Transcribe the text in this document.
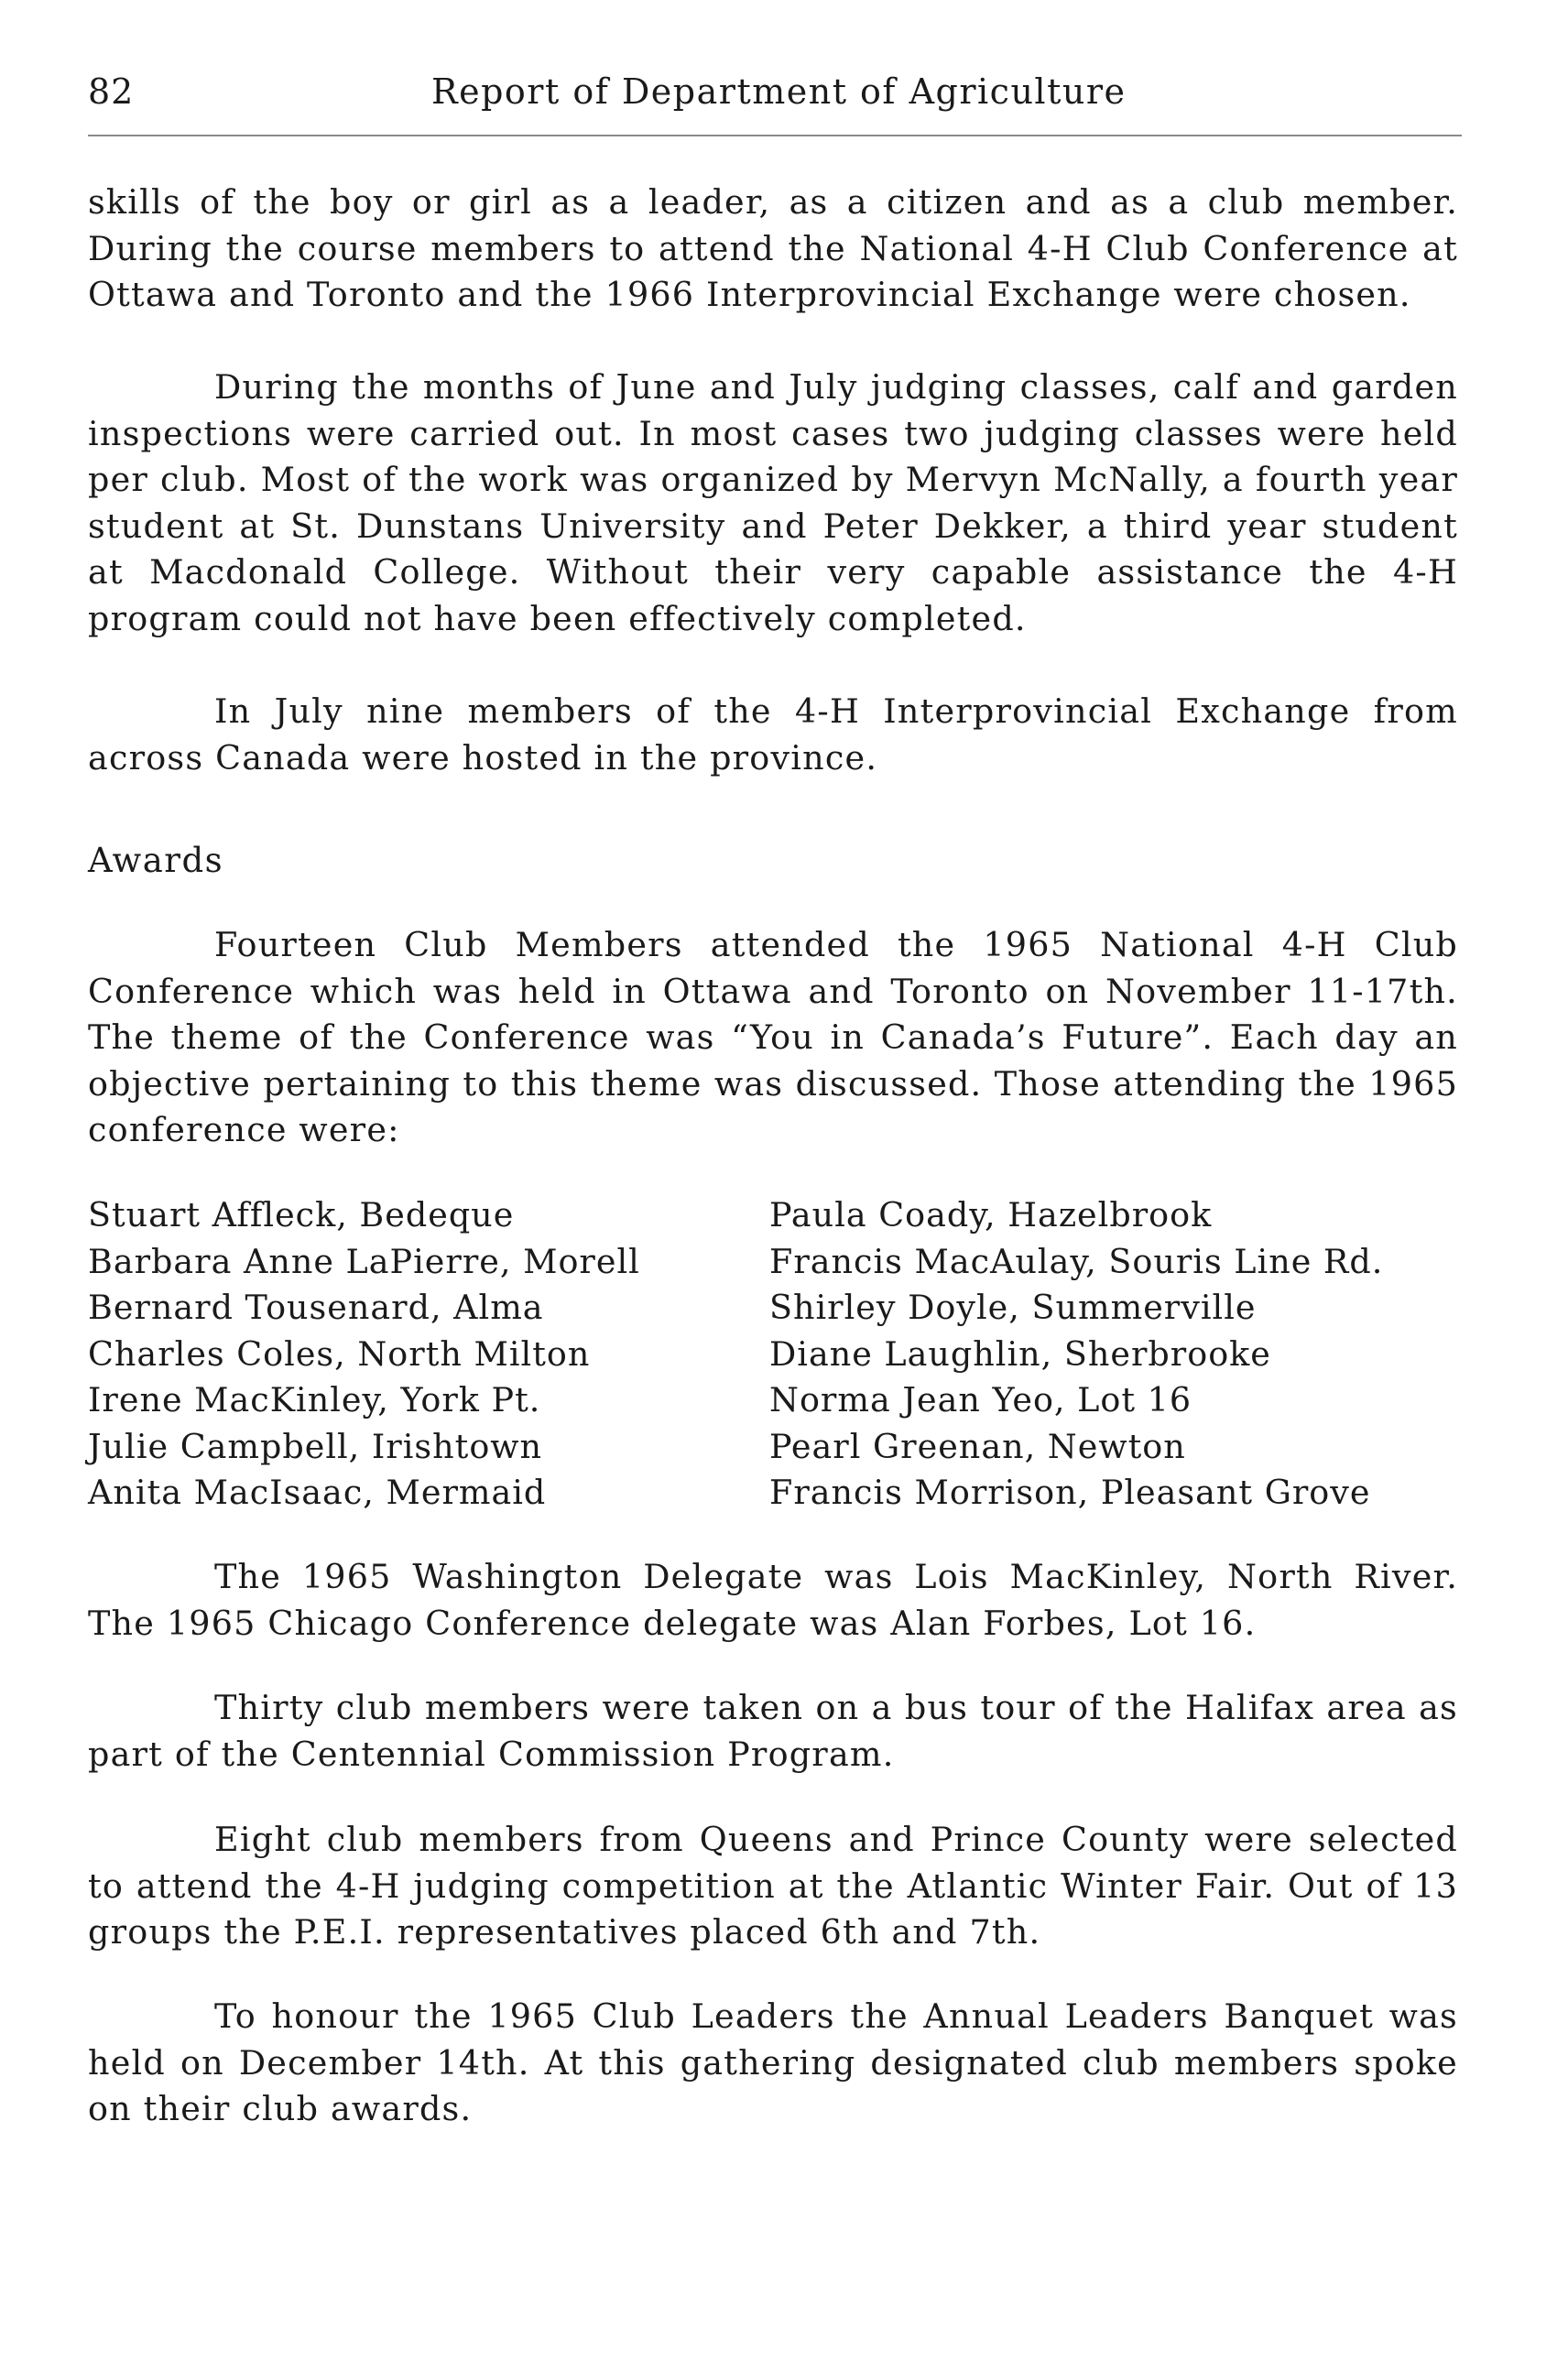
82	Report of Department of Agriculture

skills of the boy or girl as a leader, as a citizen and as a club member. During the course members to attend the National 4-H Club Conference at Ottawa and Toronto and the 1966 Interprovincial Exchange were chosen.

During the months of June and July judging classes, calf and garden inspections were carried out. In most cases two judging classes were held per club. Most of the work was organized by Mervyn McNally, a fourth year student at St. Dunstans University and Peter Dekker, a third year student at Macdonald College. Without their very capable assistance the 4-H program could not have been effectively completed.

In July nine members of the 4-H Interprovincial Exchange from across Canada were hosted in the province.

Awards

Fourteen Club Members attended the 1965 National 4-H Club Conference which was held in Ottawa and Toronto on November 11-17th. The theme of the Conference was “You in Canada’s Future”. Each day an objective pertaining to this theme was discussed. Those attending the 1965 conference were:

Stuart Affleck, Bedeque
Barbara Anne LaPierre, Morell
Bernard Tousenard, Alma
Charles Coles, North Milton
Irene MacKinley, York Pt.
Julie Campbell, Irishtown
Anita MacIsaac, Mermaid
Paula Coady, Hazelbrook
Francis MacAulay, Souris Line Rd.
Shirley Doyle, Summerville
Diane Laughlin, Sherbrooke
Norma Jean Yeo, Lot 16
Pearl Greenan, Newton
Francis Morrison, Pleasant Grove

The 1965 Washington Delegate was Lois MacKinley, North River. The 1965 Chicago Conference delegate was Alan Forbes, Lot 16.

Thirty club members were taken on a bus tour of the Halifax area as part of the Centennial Commission Program.

Eight club members from Queens and Prince County were selected to attend the 4-H judging competition at the Atlantic Winter Fair. Out of 13 groups the P.E.I. representatives placed 6th and 7th.

To honour the 1965 Club Leaders the Annual Leaders Banquet was held on December 14th. At this gathering designated club members spoke on their club awards.
